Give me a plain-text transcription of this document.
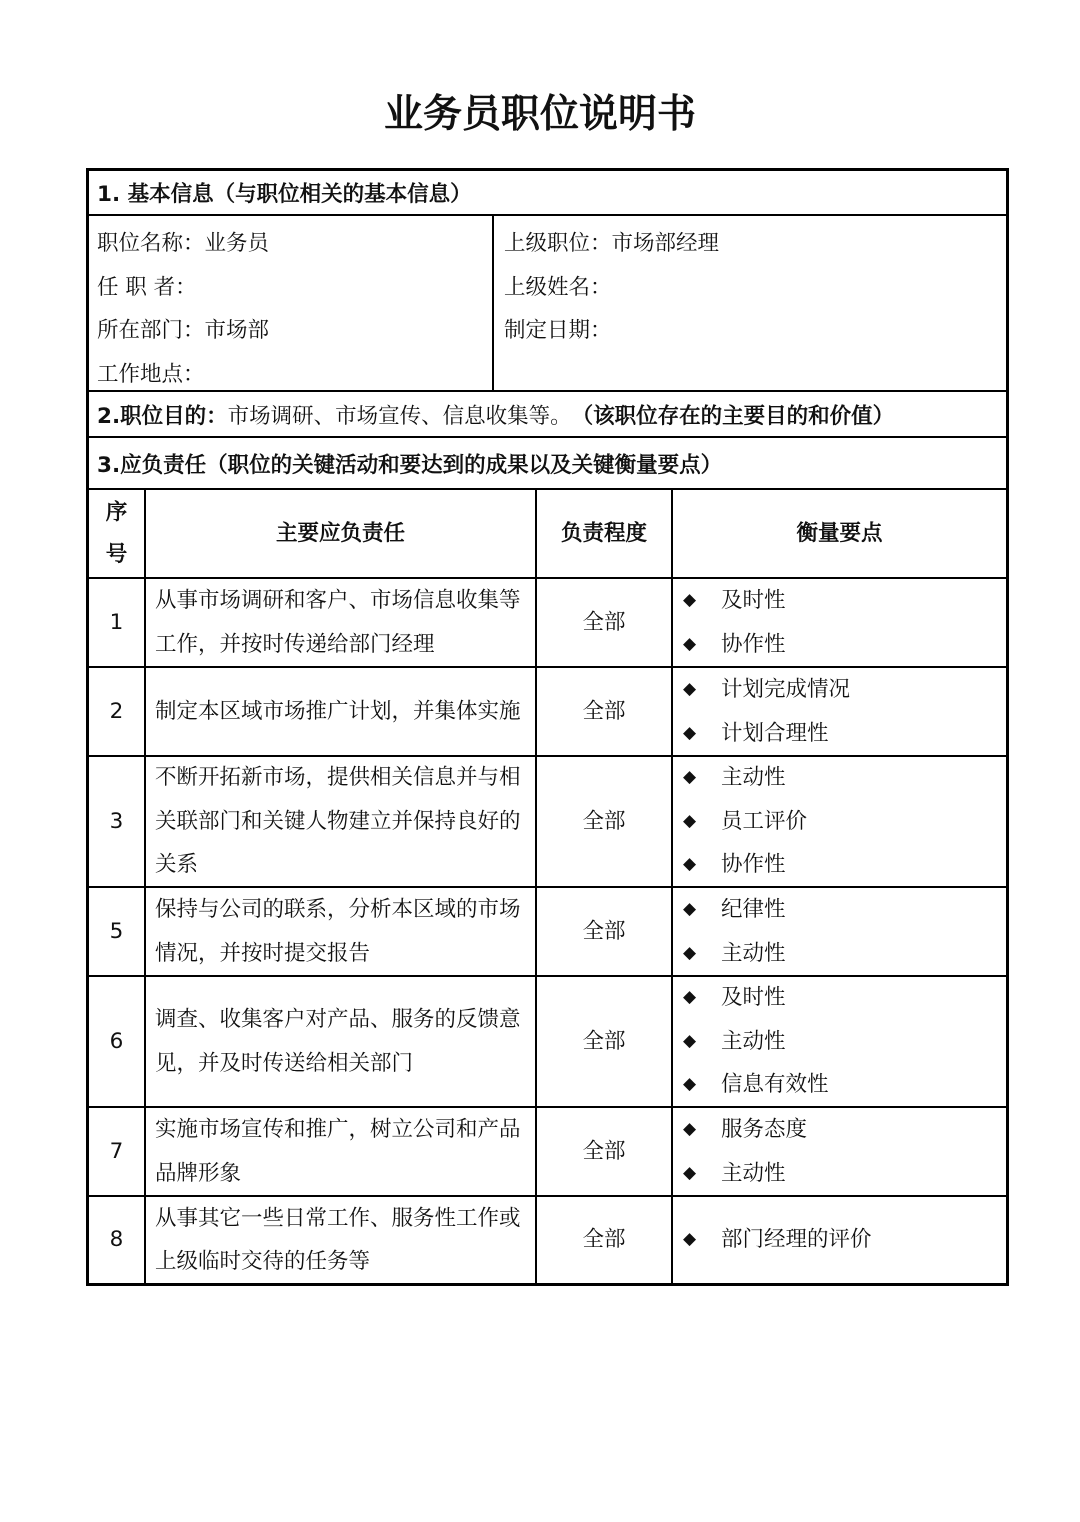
业务员职位说明书
1. 基本信息（与职位相关的基本信息）
职位名称：业务员
任 职 者：
所在部门：市场部
工作地点：
上级职位：市场部经理
上级姓名：
制定日期：
2.职位目的： 市场调研、市场宣传、信息收集等。 （该职位存在的主要目的和价值）
3.应负责任（职位的关键活动和要达到的成果以及关键衡量要点）
序号
主要应负责任	负责程度	衡量要点
1
从事市场调研和客户、市场信息收集等
工作，并按时传递给部门经理
全部
◆
及时性
◆
协作性
2	制定本区域市场推广计划，并集体实施	全部
◆
计划完成情况
◆
计划合理性
3
不断开拓新市场，提供相关信息并与相
关联部门和关键人物建立并保持良好的
关系
全部
◆
主动性
◆
员工评价
◆
协作性
5
保持与公司的联系，分析本区域的市场
情况，并按时提交报告
全部
◆
纪律性
◆
主动性
6
调查、收集客户对产品、服务的反馈意
见，并及时传送给相关部门
全部
◆
及时性
◆
主动性
◆
信息有效性
7
实施市场宣传和推广，树立公司和产品
品牌形象
全部
◆
服务态度
◆
主动性
8
从事其它一些日常工作、服务性工作或
上级临时交待的任务等
全部
◆	部门经理的评价
